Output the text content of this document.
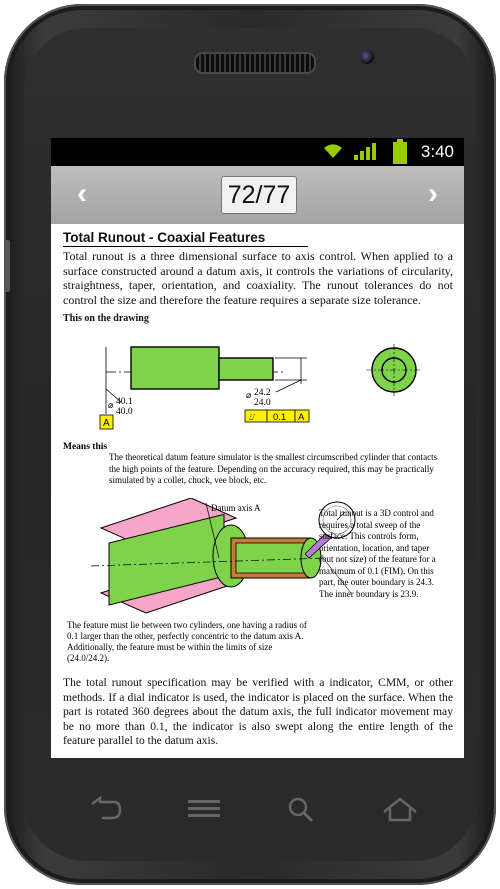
3:40
‹	72/77	›
Total Runout - Coaxial Features
Total runout is a three dimensional surface to axis control. When applied to a surface constructed around a datum axis, it controls the variations of circularity, straightness, taper, orientation, and coaxiality. The runout tolerances do not control the size and therefore the feature requires a separate size tolerance.
This on the drawing
⌀ 40.1
40.0
⌀ 24.2
24.0
A	⌰ 0.1 A
Means this
The theoretical datum feature simulator is the smallest circumscribed cylinder that contacts the high points of the feature. Depending on the accuracy required, this may be practically simulated by a collet, chuck, vee block, etc.
Datum axis A	Total runout is a 3D control and requires a total sweep of the surface. This controls form, orientation, location, and taper (but not size) of the feature for a maximum of 0.1 (FIM). On this part, the outer boundary is 24.3. The inner boundary is 23.9.
The feature must lie between two cylinders, one having a radius of 0.1 larger than the other, perfectly concentric to the datum axis A. Additionally, the feature must be within the limits of size (24.0/24.2).
The total runout specification may be verified with a indicator, CMM, or other methods. If a dial indicator is used, the indicator is placed on the surface. When the part is rotated 360 degrees about the datum axis, the full indicator movement may be no more than 0.1, the indicator is also swept along the entire length of the feature parallel to the datum axis.
